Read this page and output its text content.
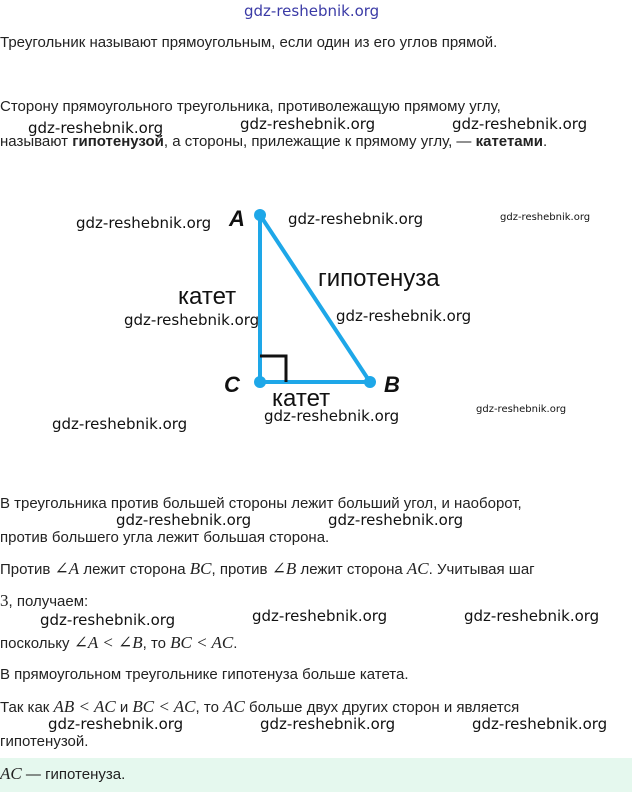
gdz-reshebnik.org
Треугольник называют прямоугольным, если один из его углов прямой.
Сторону прямоугольного треугольника, противолежащую прямому углу,
называют гипотенузой, а стороны, прилежащие к прямому углу, — катетами.
A
C	B
катет
гипотенуза
катет
В треугольника против большей стороны лежит больший угол, и наоборот,
против большего угла лежит большая сторона.
Против ∠A лежит сторона BC, против ∠B лежит сторона AC. Учитывая шаг
3, получаем:
поскольку ∠A < ∠B, то BC < AC.
В прямоугольном треугольнике гипотенуза больше катета.
Так как AB < AC и BC < AC, то AC больше двух других сторон и является
гипотенузой.
AC — гипотенуза.
gdz-reshebnik.org	gdz-reshebnik.org	gdz-reshebnik.org
gdz-reshebnik.org	gdz-reshebnik.org	gdz-reshebnik.org
gdz-reshebnik.org	gdz-reshebnik.org
gdz-reshebnik.org	gdz-reshebnik.org	gdz-reshebnik.org
gdz-reshebnik.org	gdz-reshebnik.org
gdz-reshebnik.org	gdz-reshebnik.org	gdz-reshebnik.org
gdz-reshebnik.org	gdz-reshebnik.org	gdz-reshebnik.org
